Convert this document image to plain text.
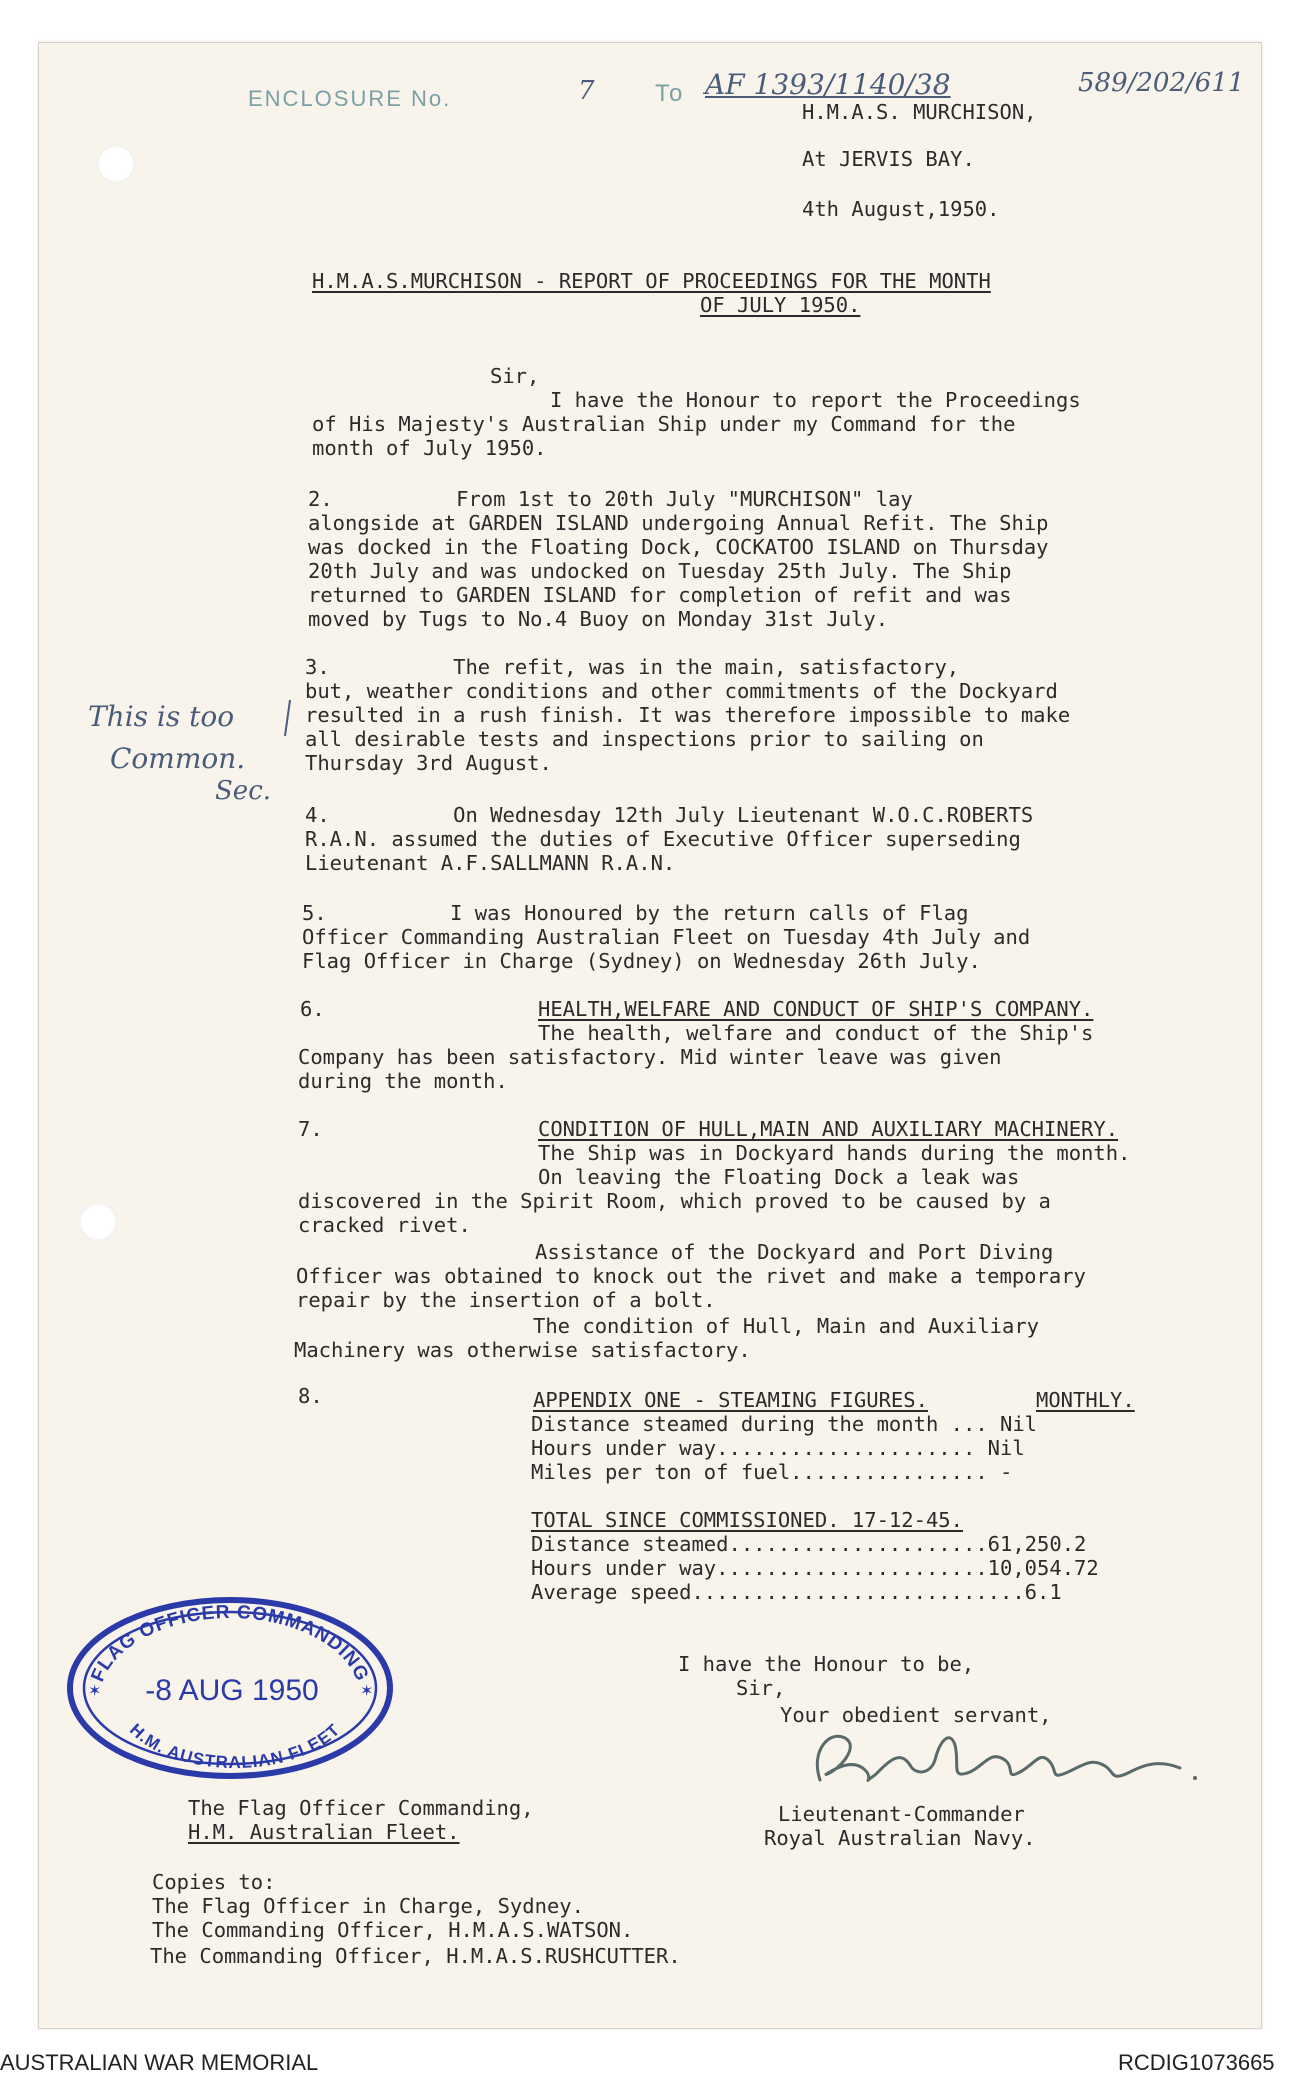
ENCLOSURE No.	7	To AF 1393/1140/38	589/202/611
H.M.A.S. MURCHISON,
At JERVIS BAY.
4th August,1950.
H.M.A.S.MURCHISON - REPORT OF PROCEEDINGS FOR THE MONTH
OF JULY 1950.
Sir,
I have the Honour to report the Proceedings
of His Majesty's Australian Ship under my Command for the
month of July 1950.
2.          From 1st to 20th July "MURCHISON" lay
alongside at GARDEN ISLAND undergoing Annual Refit. The Ship
was docked in the Floating Dock, COCKATOO ISLAND on Thursday
20th July and was undocked on Tuesday 25th July. The Ship
returned to GARDEN ISLAND for completion of refit and was
moved by Tugs to No.4 Buoy on Monday 31st July.
3.          The refit, was in the main, satisfactory,
but, weather conditions and other commitments of the Dockyard
resulted in a rush finish. It was therefore impossible to make
all desirable tests and inspections prior to sailing on
Thursday 3rd August.
This is too
Common.
Sec.
4.          On Wednesday 12th July Lieutenant W.O.C.ROBERTS
R.A.N. assumed the duties of Executive Officer superseding
Lieutenant A.F.SALLMANN R.A.N.
5.          I was Honoured by the return calls of Flag
Officer Commanding Australian Fleet on Tuesday 4th July and
Flag Officer in Charge (Sydney) on Wednesday 26th July.
6.	HEALTH,WELFARE AND CONDUCT OF SHIP'S COMPANY.
The health, welfare and conduct of the Ship's
Company has been satisfactory. Mid winter leave was given
during the month.
7.	CONDITION OF HULL,MAIN AND AUXILIARY MACHINERY.
The Ship was in Dockyard hands during the month.
On leaving the Floating Dock a leak was
discovered in the Spirit Room, which proved to be caused by a
cracked rivet.
Assistance of the Dockyard and Port Diving
Officer was obtained to knock out the rivet and make a temporary
repair by the insertion of a bolt.
The condition of Hull, Main and Auxiliary
Machinery was otherwise satisfactory.
8.	APPENDIX ONE - STEAMING FIGURES.	MONTHLY.
Distance steamed during the month ... Nil
Hours under way..................... Nil
Miles per ton of fuel................ -
TOTAL SINCE COMMISSIONED. 17-12-45.
Distance steamed.....................61,250.2
Hours under way......................10,054.72
Average speed...........................6.1
I have the Honour to be,
Sir,
Your obedient servant,
Lieutenant-Commander
Royal Australian Navy.
The Flag Officer Commanding,
H.M. Australian Fleet.
Copies to:
The Flag Officer in Charge, Sydney.
The Commanding Officer, H.M.A.S.WATSON.
The Commanding Officer, H.M.A.S.RUSHCUTTER.
FLAG OFFICER COMMANDING
-8 AUG 1950
H.M. AUSTRALIAN FLEET
✶	✶
AUSTRALIAN WAR MEMORIAL	RCDIG1073665
